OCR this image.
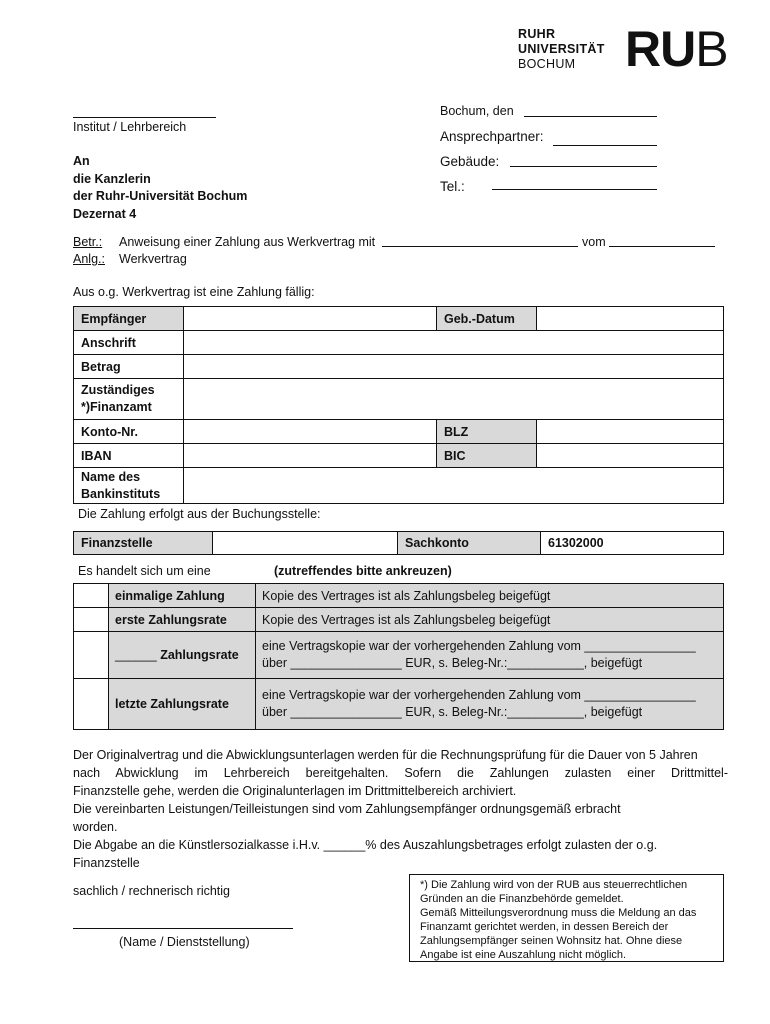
RUHR
UNIVERSITÄT
BOCHUM RUB
Institut / Lehrbereich
An
die Kanzlerin
der Ruhr-Universität Bochum
Dezernat 4
Bochum, den
Ansprechpartner:
Gebäude:
Tel.:
Betr.: Anweisung einer Zahlung aus Werkvertrag mit	vom
Anlg.: Werkvertrag
Aus o.g. Werkvertrag ist eine Zahlung fällig:
Empfänger		Geb.-Datum	
Anschrift			
Betrag			

Zuständiges
*)Finanzamt			

Konto-Nr.		BLZ	
IBAN		BIC	

Name des
Bankinstituts			

Die Zahlung erfolgt aus der Buchungsstelle:
Finanzstelle		Sachkonto	61302000
Es handelt sich um eine	(zutreffendes bitte ankreuzen)
	einmalige Zahlung	Kopie des Vertrages ist als Zahlungsbeleg beigefügt
	erste Zahlungsrate	Kopie des Vertrages ist als Zahlungsbeleg beigefügt
	______ Zahlungsrate	eine Vertragskopie war der vorhergehenden Zahlung vom ________________
über ________________ EUR, s. Beleg-Nr.:___________, beigefügt

	letzte Zahlungsrate	eine Vertragskopie war der vorhergehenden Zahlung vom ________________
über ________________ EUR, s. Beleg-Nr.:___________, beigefügt
Der Originalvertrag und die Abwicklungsunterlagen werden für die Rechnungsprüfung für die Dauer von 5 Jahren
nach Abwicklung im Lehrbereich bereitgehalten. Sofern die Zahlungen zulasten einer Drittmittel-
Finanzstelle gehe, werden die Originalunterlagen im Drittmittelbereich archiviert.
Die vereinbarten Leistungen/Teilleistungen sind vom Zahlungsempfänger ordnungsgemäß erbracht
worden.
Die Abgabe an die Künstlersozialkasse i.H.v. ______% des Auszahlungsbetrages erfolgt zulasten der o.g.
Finanzstelle
sachlich / rechnerisch richtig
(Name / Dienststellung)
*) Die Zahlung wird von der RUB aus steuerrechtlichen
Gründen an die Finanzbehörde gemeldet.
Gemäß Mitteilungsverordnung muss die Meldung an das
Finanzamt gerichtet werden, in dessen Bereich der
Zahlungsempfänger seinen Wohnsitz hat. Ohne diese
Angabe ist eine Auszahlung nicht möglich.
